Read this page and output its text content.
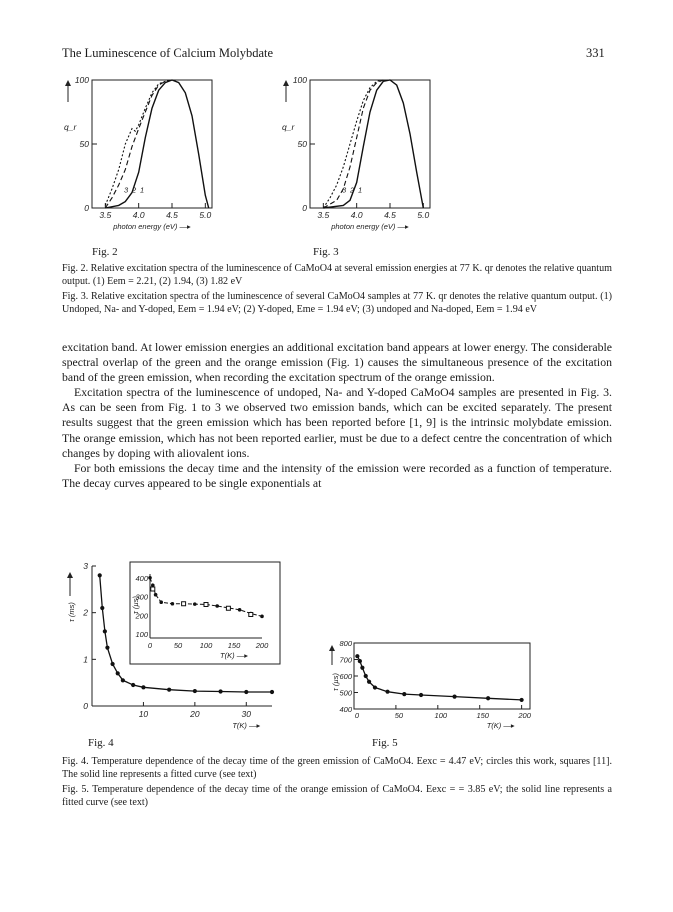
The Luminescence of Calcium Molybdate	331
q_r
100
50
0
3.5	4.0	4.5	5.0
photon energy (eV) —▸
3 2 1
Fig. 2
q_r
100
50
0
3.5	4.0	4.5	5.0
photon energy (eV) —▸
3 2 1
Fig. 3
Fig. 2. Relative excitation spectra of the luminescence of CaMoO4 at several emission energies at 77 K. qr denotes the relative quantum output. (1) Eem = 2.21, (2) 1.94, (3) 1.82 eV
Fig. 3. Relative excitation spectra of the luminescence of several CaMoO4 samples at 77 K. qr denotes the relative quantum output. (1) Undoped, Na- and Y-doped, Eem = 1.94 eV; (2) Y-doped, Eme = 1.94 eV; (3) undoped and Na-doped, Eem = 1.94 eV

excitation band. At lower emission energies an additional excitation band appears at lower energy. The considerable spectral overlap of the green and the orange emission (Fig. 1) causes the simultaneous presence of the excitation band of the green emission, when recording the excitation spectrum of the orange emission.

Excitation spectra of the luminescence of undoped, Na- and Y-doped CaMoO4 samples are presented in Fig. 3. As can be seen from Fig. 1 to 3 we observed two emission bands, which can be excited separately. The present results suggest that the green emission which has been reported before [1, 9] is the intrinsic molybdate emission. The orange emission, which has not been reported earlier, must be due to a defect centre the concentration of which changes by doping with aliovalent ions.

For both emissions the decay time and the intensity of the emission were recorded as a function of temperature. The decay curves appeared to be single exponentials at

τ (ms)
3
2
1
0
10	20	30
T(K) —▸
τ (µs)
400
300
200
100
0	50 100 150 200
T(K) —▸
Fig. 4
τ (µs)
800
700
600
500
400
0	50	100	150	200
T(K) —▸
Fig. 5
Fig. 4. Temperature dependence of the decay time of the green emission of CaMoO4. Eexc = 4.47 eV; circles this work, squares [11]. The solid line represents a fitted curve (see text)
Fig. 5. Temperature dependence of the decay time of the orange emission of CaMoO4. Eexc = = 3.85 eV; the solid line represents a fitted curve (see text)
